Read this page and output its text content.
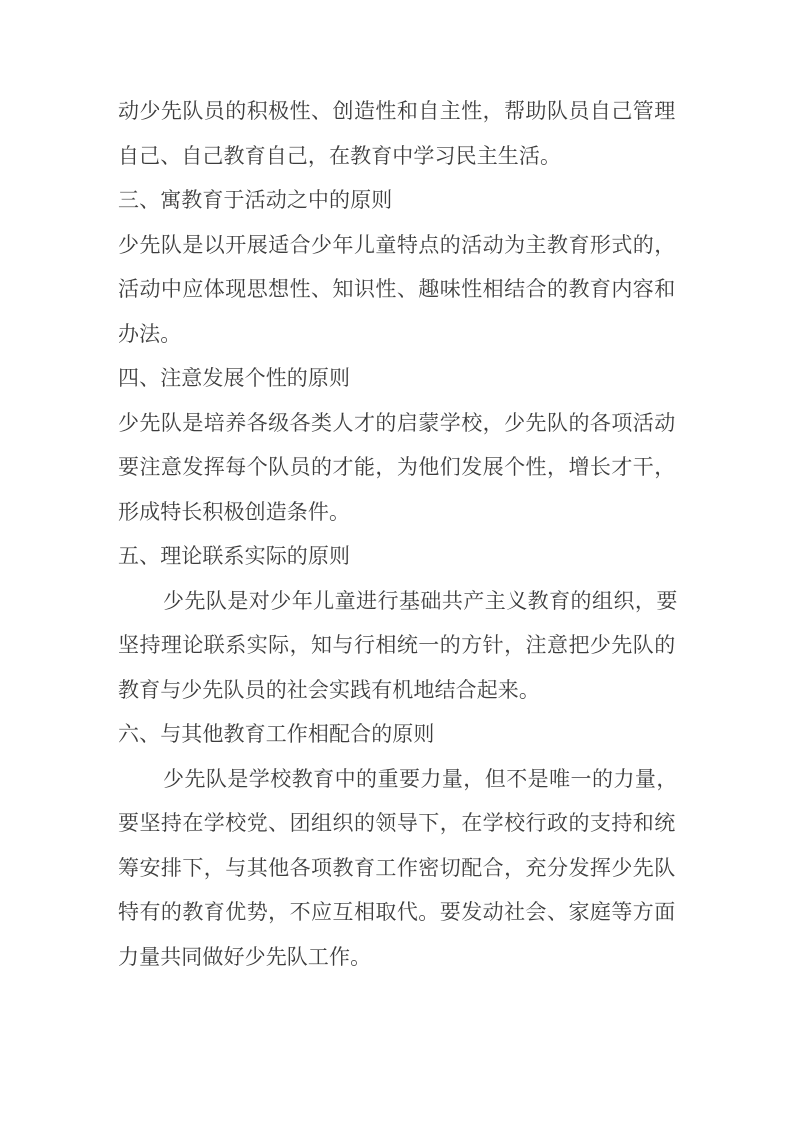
动少先队员的积极性、创造性和自主性，帮助队员自己管理
自己、自己教育自己，在教育中学习民主生活。
三、寓教育于活动之中的原则
少先队是以开展适合少年儿童特点的活动为主教育形式的，
活动中应体现思想性、知识性、趣味性相结合的教育内容和
办法。
四、注意发展个性的原则
少先队是培养各级各类人才的启蒙学校，少先队的各项活动
要注意发挥每个队员的才能，为他们发展个性，增长才干，
形成特长积极创造条件。
五、理论联系实际的原则
少先队是对少年儿童进行基础共产主义教育的组织，要
坚持理论联系实际，知与行相统一的方针，注意把少先队的
教育与少先队员的社会实践有机地结合起来。
六、与其他教育工作相配合的原则
少先队是学校教育中的重要力量，但不是唯一的力量，
要坚持在学校党、团组织的领导下，在学校行政的支持和统
筹安排下，与其他各项教育工作密切配合，充分发挥少先队
特有的教育优势，不应互相取代。要发动社会、家庭等方面
力量共同做好少先队工作。
